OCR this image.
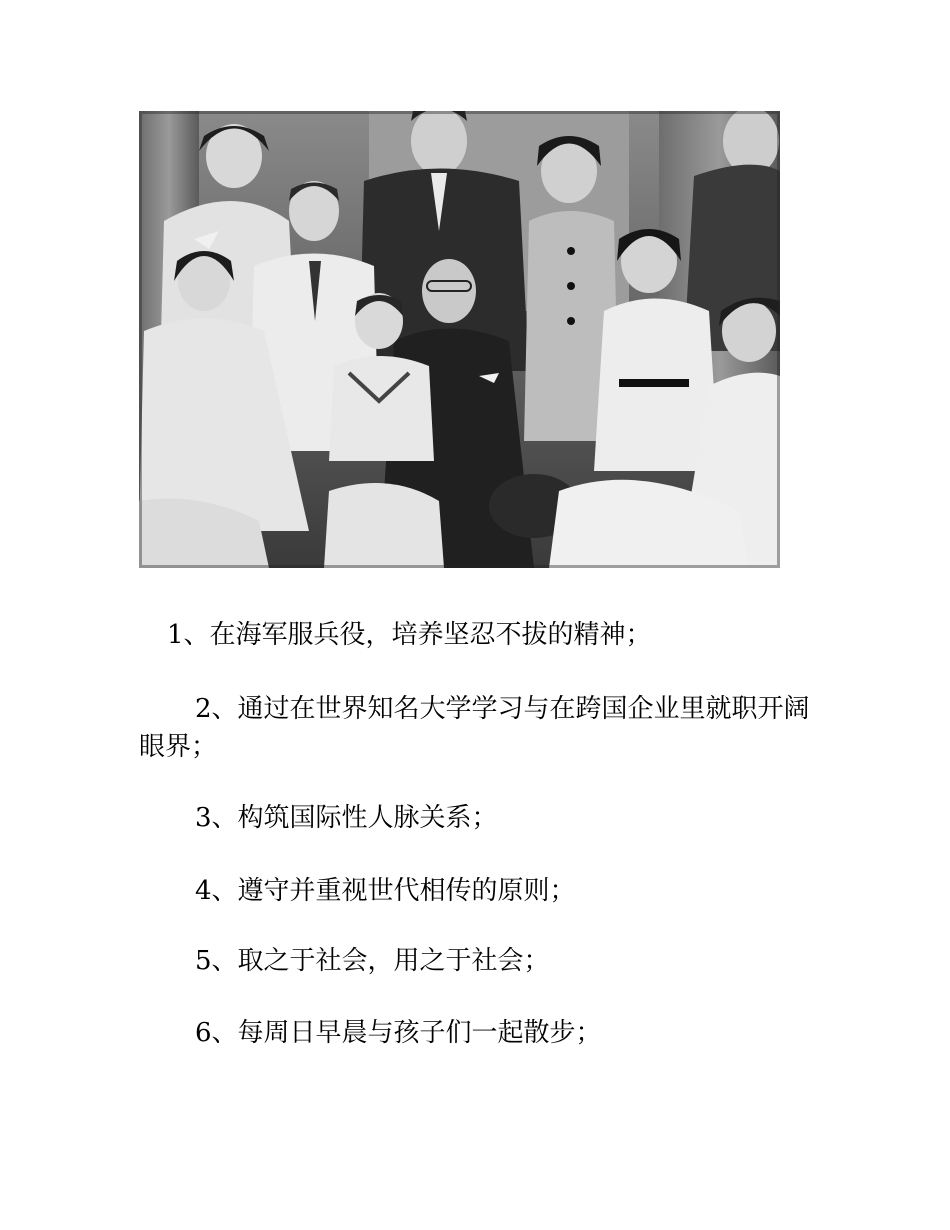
1、在海军服兵役，培养坚忍不拔的精神；

2、通过在世界知名大学学习与在跨国企业里就职开阔眼界；

3、构筑国际性人脉关系；

4、遵守并重视世代相传的原则；

5、取之于社会，用之于社会；

6、每周日早晨与孩子们一起散步；
